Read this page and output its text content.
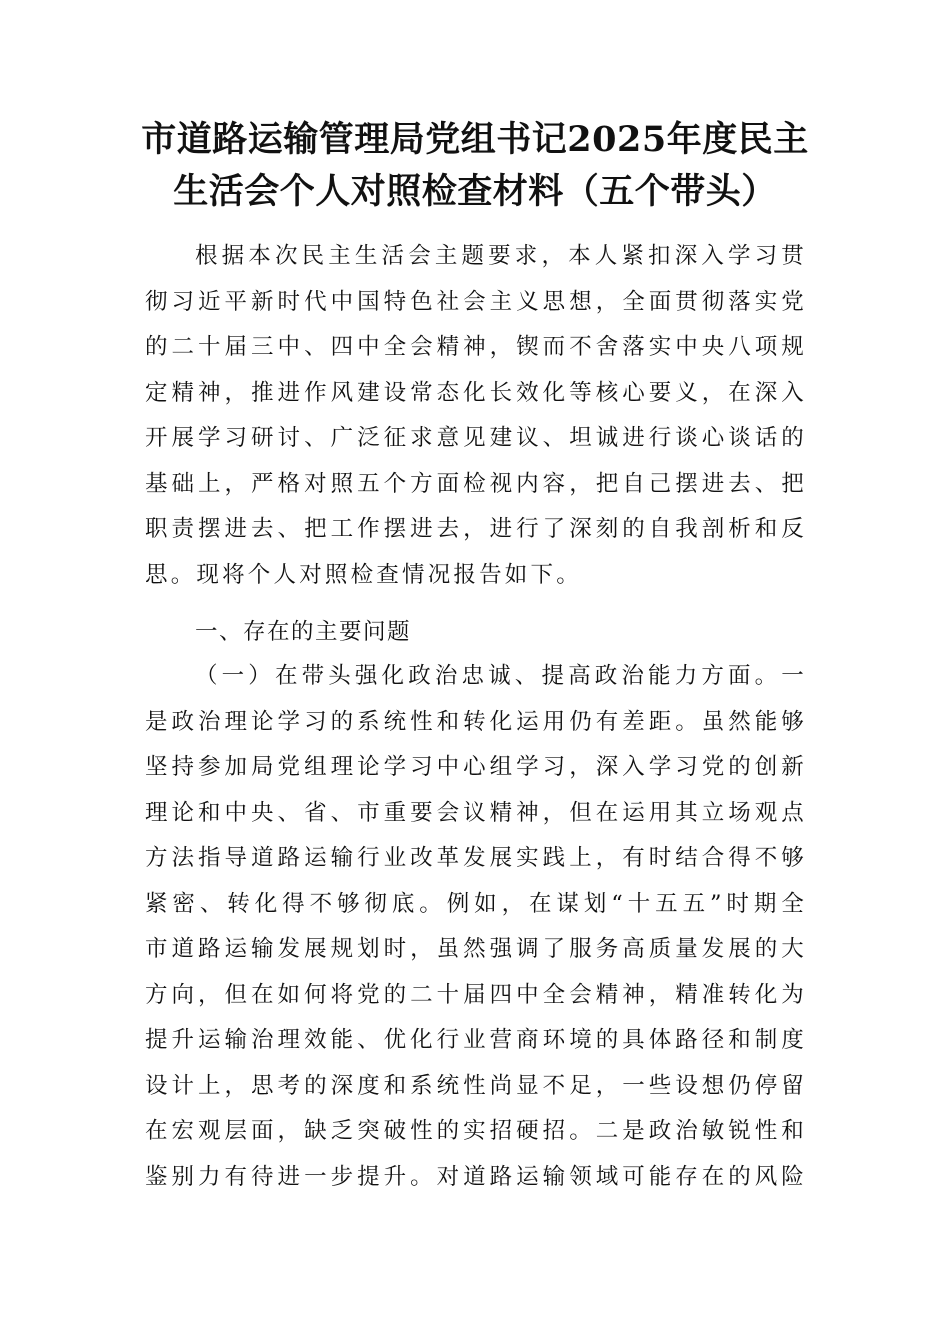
市道路运输管理局党组书记2025年度民主
生活会个人对照检查材料（五个带头）
根据本次民主生活会主题要求，本人紧扣深入学习贯
彻习近平新时代中国特色社会主义思想，全面贯彻落实党
的二十届三中、四中全会精神，锲而不舍落实中央八项规
定精神，推进作风建设常态化长效化等核心要义，在深入
开展学习研讨、广泛征求意见建议、坦诚进行谈心谈话的
基础上，严格对照五个方面检视内容，把自己摆进去、把
职责摆进去、把工作摆进去，进行了深刻的自我剖析和反
思。现将个人对照检查情况报告如下。
一、存在的主要问题
（一）在带头强化政治忠诚、提高政治能力方面。一
是政治理论学习的系统性和转化运用仍有差距。虽然能够
坚持参加局党组理论学习中心组学习，深入学习党的创新
理论和中央、省、市重要会议精神，但在运用其立场观点
方法指导道路运输行业改革发展实践上，有时结合得不够
紧密、转化得不够彻底。例如，在谋划“十五五”时期全
市道路运输发展规划时，虽然强调了服务高质量发展的大
方向，但在如何将党的二十届四中全会精神，精准转化为
提升运输治理效能、优化行业营商环境的具体路径和制度
设计上，思考的深度和系统性尚显不足，一些设想仍停留
在宏观层面，缺乏突破性的实招硬招。二是政治敏锐性和
鉴别力有待进一步提升。对道路运输领域可能存在的风险
